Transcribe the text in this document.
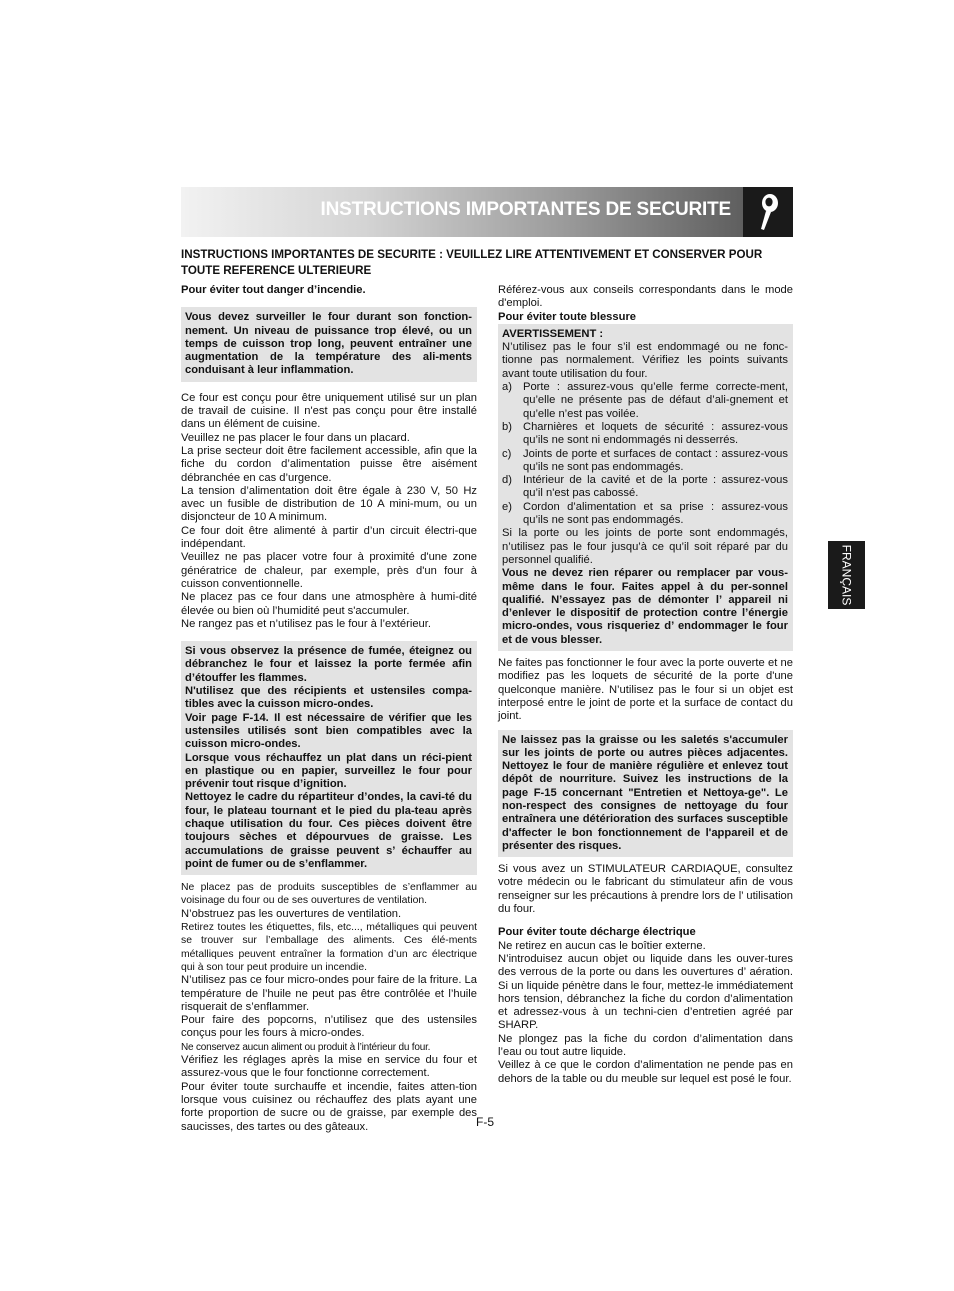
INSTRUCTIONS IMPORTANTES DE SECURITE
INSTRUCTIONS IMPORTANTES DE SECURITE : VEUILLEZ LIRE ATTENTIVEMENT ET CONSERVER POUR TOUTE REFERENCE ULTERIEURE

Pour éviter tout danger d’incendie.

Vous devez surveiller le four durant son fonction-nement. Un niveau de puissance trop élevé, ou un temps de cuisson trop long, peuvent entraîner une augmentation de la température des ali-ments conduisant à leur inflammation.

Ce four est conçu pour être uniquement utilisé sur un plan de travail de cuisine. Il n'est pas conçu pour être installé dans un élément de cuisine.

Veuillez ne pas placer le four dans un placard.

La prise secteur doit être facilement accessible, afin que la fiche du cordon d’alimentation puisse être aisément débranchée en cas d’urgence.

La tension d’alimentation doit être égale à 230 V, 50 Hz avec un fusible de distribution de 10 A mini-mum, ou un disjoncteur de 10 A minimum.

Ce four doit être alimenté à partir d’un circuit électri-que indépendant.

Veuillez ne pas placer votre four à proximité d'une zone génératrice de chaleur, par exemple, près d'un four à cuisson conventionnelle.

Ne placez pas ce four dans une atmosphère à humi-dité élevée ou bien où l’humidité peut s'accumuler.

Ne rangez pas et n’utilisez pas le four à l’extérieur.

Si vous observez la présence de fumée, éteignez ou débranchez le four et laissez la porte fermée afin d’étouffer les flammes.

N'utilisez que des récipients et ustensiles compa-tibles avec la cuisson micro-ondes.

Voir page F-14. Il est nécessaire de vérifier que les ustensiles utilisés sont bien compatibles avec la cuisson micro-ondes.

Lorsque vous réchauffez un plat dans un réci-pient en plastique ou en papier, surveillez le four pour prévenir tout risque d’ignition.

Nettoyez le cadre du répartiteur d’ondes, la cavi-té du four, le plateau tournant et le pied du pla-teau après chaque utilisation du four. Ces pièces doivent être toujours sèches et dépourvues de graisse. Les accumulations de graisse peuvent s’ échauffer au point de fumer ou de s’enflammer.

Ne placez pas de produits susceptibles de s’enflammer au voisinage du four ou de ses ouvertures de ventilation.

N’obstruez pas les ouvertures de ventilation.

Retirez toutes les étiquettes, fils, etc..., métalliques qui peuvent se trouver sur l’emballage des aliments. Ces élé-ments métalliques peuvent entraîner la formation d’un arc électrique qui à son tour peut produire un incendie.

N’utilisez pas ce four micro-ondes pour faire de la friture. La température de l’huile ne peut pas être contrôlée et l’huile risquerait de s’enflammer.

Pour faire des popcorns, n’utilisez que des ustensiles conçus pour les fours à micro-ondes.

Ne conservez aucun aliment ou produit à l’intérieur du four.

Vérifiez les réglages après la mise en service du four et assurez-vous que le four fonctionne correctement.

Pour éviter toute surchauffe et incendie, faites atten-tion lorsque vous cuisinez ou réchauffez des plats ayant une forte proportion de sucre ou de graisse, par exemple des saucisses, des tartes ou des gâteaux.

Référez-vous aux conseils correspondants dans le mode d'emploi.

Pour éviter toute blessure

AVERTISSEMENT :

N’utilisez pas le four s’il est endommagé ou ne fonc-tionne pas normalement. Vérifiez les points suivants avant toute utilisation du four.

a) Porte : assurez-vous qu’elle ferme correcte-ment, qu’elle ne présente pas de défaut d’ali-gnement et qu’elle n’est pas voilée.
b) Charnières et loquets de sécurité : assurez-vous qu’ils ne sont ni endommagés ni desserrés.
c)	Joints de porte et surfaces de contact : assurez-vous qu’ils ne sont pas endommagés.
d) Intérieur de la cavité et de la porte : assurez-vous qu’il n'est pas cabossé.
e) Cordon d’alimentation et sa prise : assurez-vous qu’ils ne sont pas endommagés.

Si la porte ou les joints de porte sont endommagés, n’utilisez pas le four jusqu’à ce qu’il soit réparé par du personnel qualifié.

Vous ne devez rien réparer ou remplacer par vous-même dans le four. Faites appel à du per-sonnel qualifié. N’essayez pas de démonter l’ appareil ni d’enlever le dispositif de protection contre l’énergie micro-ondes, vous risqueriez d’ endommager le four et de vous blesser.

Ne faites pas fonctionner le four avec la porte ouverte et ne modifiez pas les loquets de sécurité de la porte d'une quelconque manière. N’utilisez pas le four si un objet est interposé entre le joint de porte et la surface de contact du joint.

Ne laissez pas la graisse ou les saletés s'accumuler sur les joints de porte ou autres pièces adjacentes. Nettoyez le four de manière régulière et enlevez tout dépôt de nourriture. Suivez les instructions de la page F-15 concernant "Entretien et Nettoya-ge". Le non-respect des consignes de nettoyage du four entraînera une détérioration des surfaces susceptible d'affecter le bon fonctionnement de l'appareil et de présenter des risques.

Si vous avez un STIMULATEUR CARDIAQUE, consultez votre médecin ou le fabricant du stimulateur afin de vous renseigner sur les précautions à prendre lors de l’ utilisation du four.

Pour éviter toute décharge électrique

Ne retirez en aucun cas le boîtier externe.

N’introduisez aucun objet ou liquide dans les ouver-tures des verrous de la porte ou dans les ouvertures d’ aération. Si un liquide pénètre dans le four, mettez-le immédiatement hors tension, débranchez la fiche du cordon d’alimentation et adressez-vous à un techni-cien d’entretien agréé par SHARP.

Ne plongez pas la fiche du cordon d’alimentation dans l’eau ou tout autre liquide.

Veillez à ce que le cordon d’alimentation ne pende pas en dehors de la table ou du meuble sur lequel est posé le four.

FRANÇAIS
F-5
